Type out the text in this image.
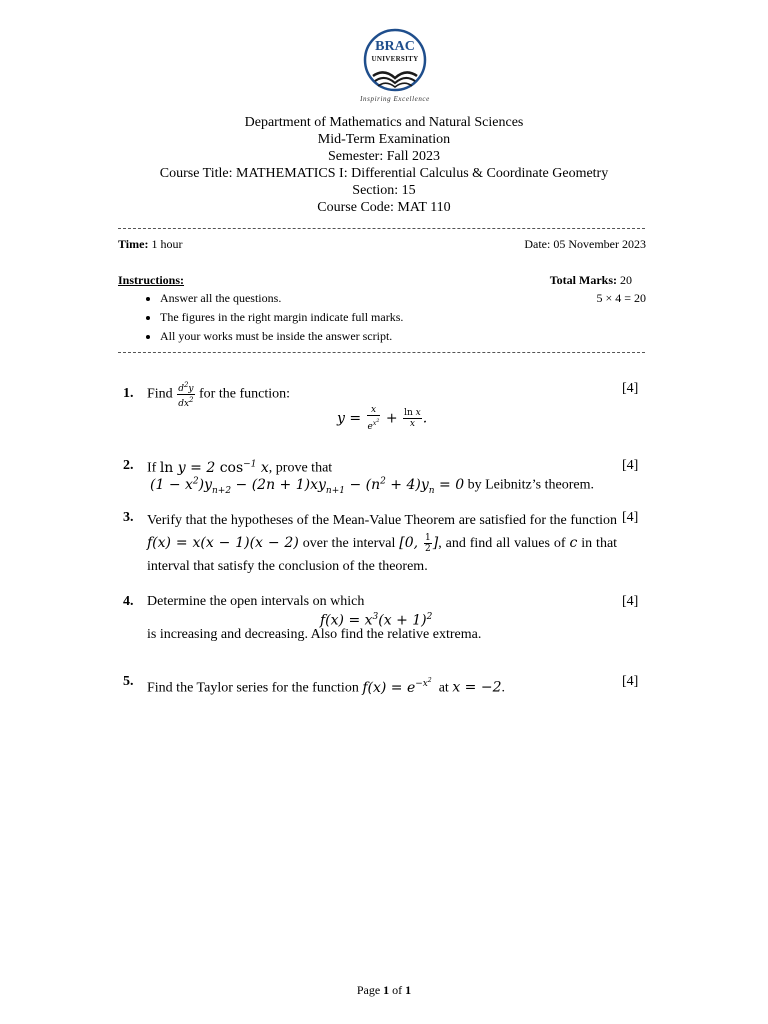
BRAC
UNIVERSITY
Inspiring Excellence
Department of Mathematics and Natural Sciences
Mid-Term Examination
Semester: Fall 2023
Course Title: MATHEMATICS I: Differential Calculus & Coordinate Geometry
Section: 15
Course Code: MAT 110
Time: 1 hour	Date: 05 November 2023
Instructions:	Total Marks: 20
5 × 4 = 20
• Answer all the questions.
• The figures in the right margin indicate full marks.
• All your works must be inside the answer script.
1. Find $\frac{d^2y}{dx^2}$ for the function:	[4]
$y = \frac{x}{e^{x^2}} + \frac{\text{ln x}}{x}$ .
2. If ln y = 2 $\cos^{-1} x$, prove that	[4]
$(1 - x^2)y_{n+2} - (2n + 1)xy_{n+1} - (n^2 + 4)y_n = 0$ by Leibnitz’s theorem.
3.	[4]
Verify that the hypotheses of the Mean-Value Theorem are satisfied for the function f(x) = x(x − 1)(x − 2) over the interval [0, $\frac{1}{2}$ ], and find all values of c in that interval that satisfy the conclusion of the theorem.
4. Determine the open intervals on which	[4]
$f(x) = x^3(x + 1)^2$
is increasing and decreasing. Also find the relative extrema.
5. Find the Taylor series for the function $f(x) = e^{-x^2}$  at x = −2.	[4]
Page 1 of 1
